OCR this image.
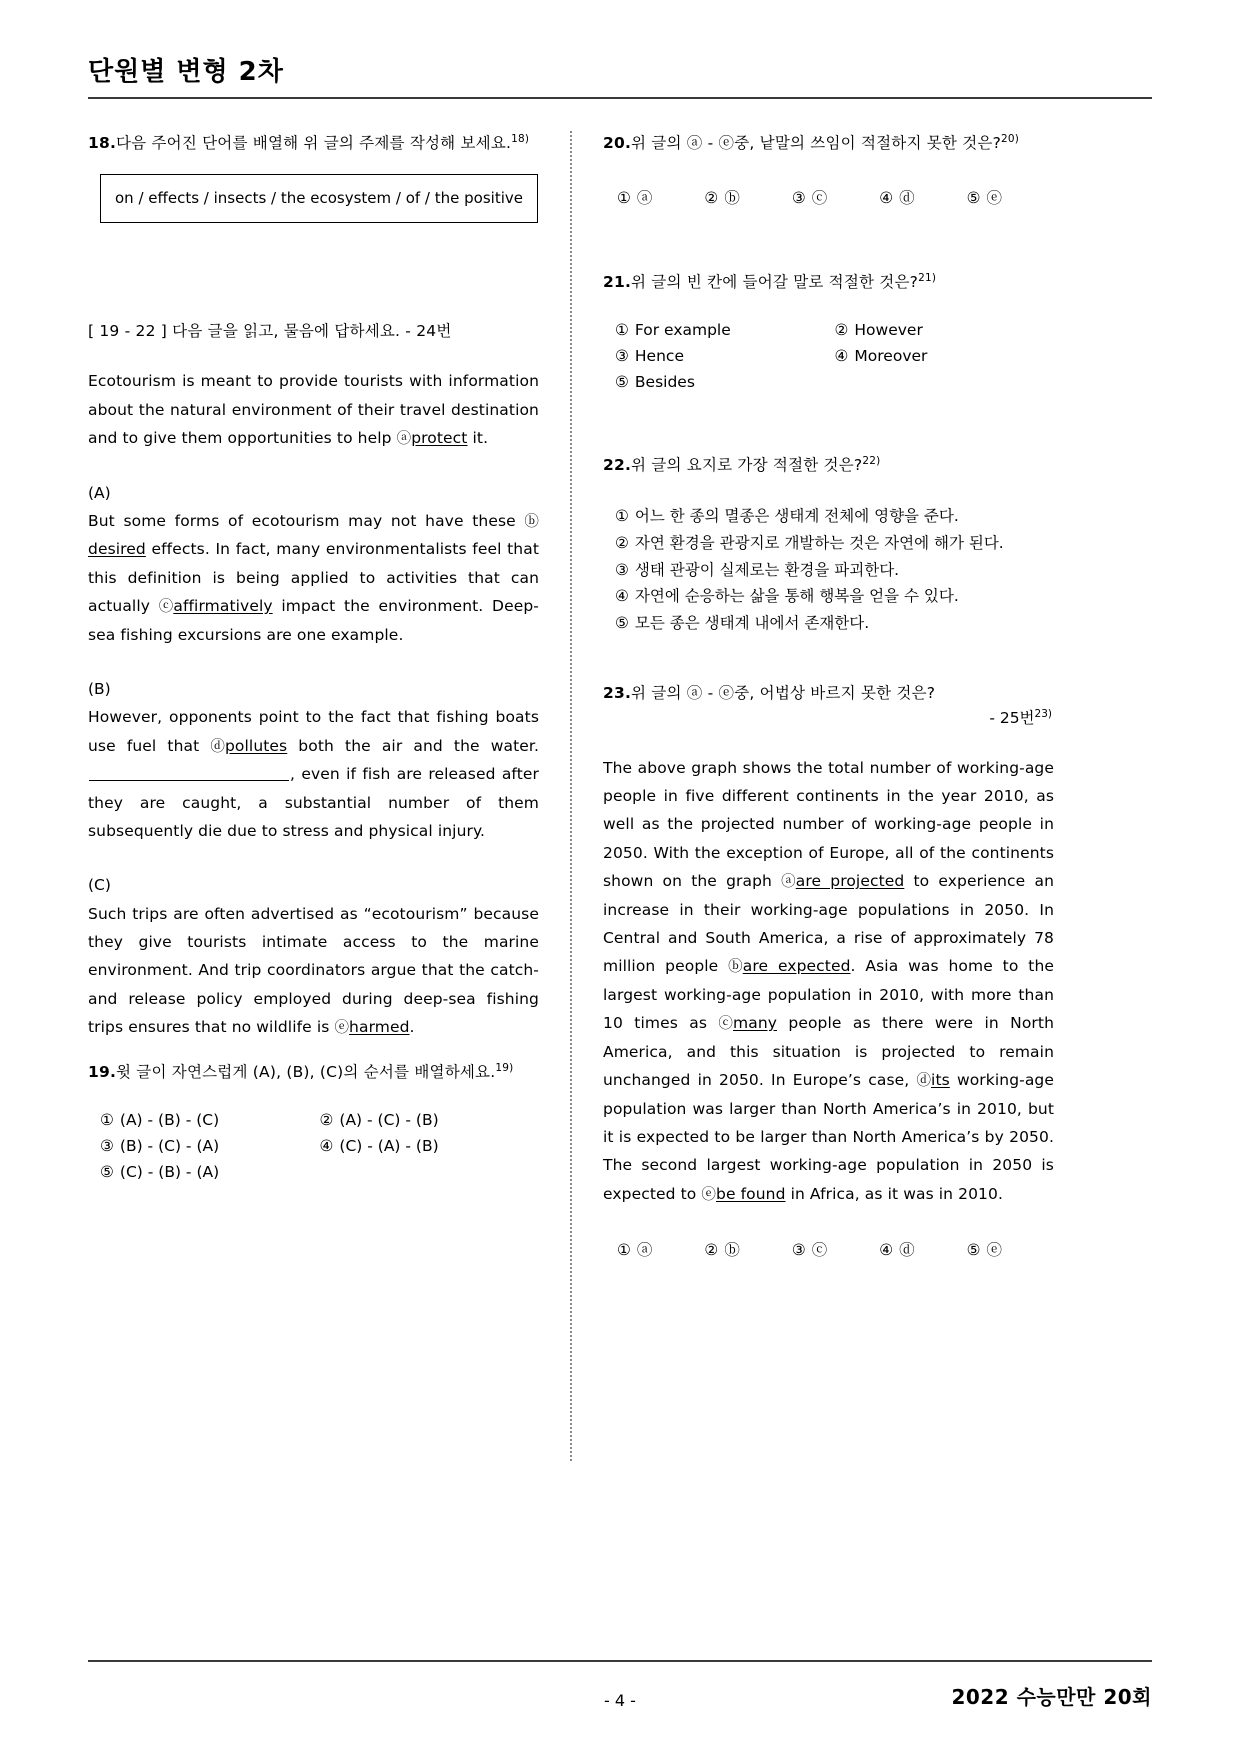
단원별 변형 2차
18.다음 주어진 단어를 배열해 위 글의 주제를 작성해 보세요.$^{18)}$
on / effects / insects / the ecosystem / of / the positive
[ 19 - 22 ] 다음 글을 읽고, 물음에 답하세요. - 24번
Ecotourism is meant to provide tourists with information about the natural environment of their travel destination and to give them opportunities to help ⓐprotect it.
(A)
But some forms of ecotourism may not have these ⓑdesired effects. In fact, many environmentalists feel that this definition is being applied to activities that can actually ⓒaffirmatively impact the environment. Deep-sea fishing excursions are one example.
(B)
However, opponents point to the fact that fishing boats use fuel that ⓓpollutes both the air and the water. , even if fish are released after they are caught, a substantial number of them subsequently die due to stress and physical injury.
(C)
Such trips are often advertised as “ecotourism” because they give tourists intimate access to the marine environment. And trip coordinators argue that the catch-and release policy employed during deep-sea fishing trips ensures that no wildlife is ⓔharmed.
19.윗 글이 자연스럽게 (A), (B), (C)의 순서를 배열하세요.$^{19)}$
① (A) - (B) - (C)	② (A) - (C) - (B)
③ (B) - (C) - (A)	④ (C) - (A) - (B)
⑤ (C) - (B) - (A)
20.위 글의 ⓐ - ⓔ중, 낱말의 쓰임이 적절하지 못한 것은?$^{20)}$
① ⓐ	② ⓑ	③ ⓒ	④ ⓓ	⑤ ⓔ
21.위 글의 빈 칸에 들어갈 말로 적절한 것은?$^{21)}$
① For example	② However
③ Hence	④ Moreover
⑤ Besides
22.위 글의 요지로 가장 적절한 것은?$^{22)}$
① 어느 한 종의 멸종은 생태계 전체에 영향을 준다.
② 자연 환경을 관광지로 개발하는 것은 자연에 해가 된다.
③ 생태 관광이 실제로는 환경을 파괴한다.
④ 자연에 순응하는 삶을 통해 행복을 얻을 수 있다.
⑤ 모든 종은 생태계 내에서 존재한다.
23.위 글의 ⓐ - ⓔ중, 어법상 바르지 못한 것은?
- 25번$^{23)}$
The above graph shows the total number of working-age people in five different continents in the year 2010, as well as the projected number of working-age people in 2050. With the exception of Europe, all of the continents shown on the graph ⓐare projected to experience an increase in their working-age populations in 2050. In Central and South America, a rise of approximately 78 million people ⓑare expected. Asia was home to the largest working-age population in 2010, with more than 10 times as ⓒmany people as there were in North America, and this situation is projected to remain unchanged in 2050. In Europe’s case, ⓓits working-age population was larger than North America’s in 2010, but it is expected to be larger than North America’s by 2050. The second largest working-age population in 2050 is expected to ⓔbe found in Africa, as it was in 2010.
① ⓐ	② ⓑ	③ ⓒ	④ ⓓ	⑤ ⓔ
- 4 -	2022 수능만만 20회
